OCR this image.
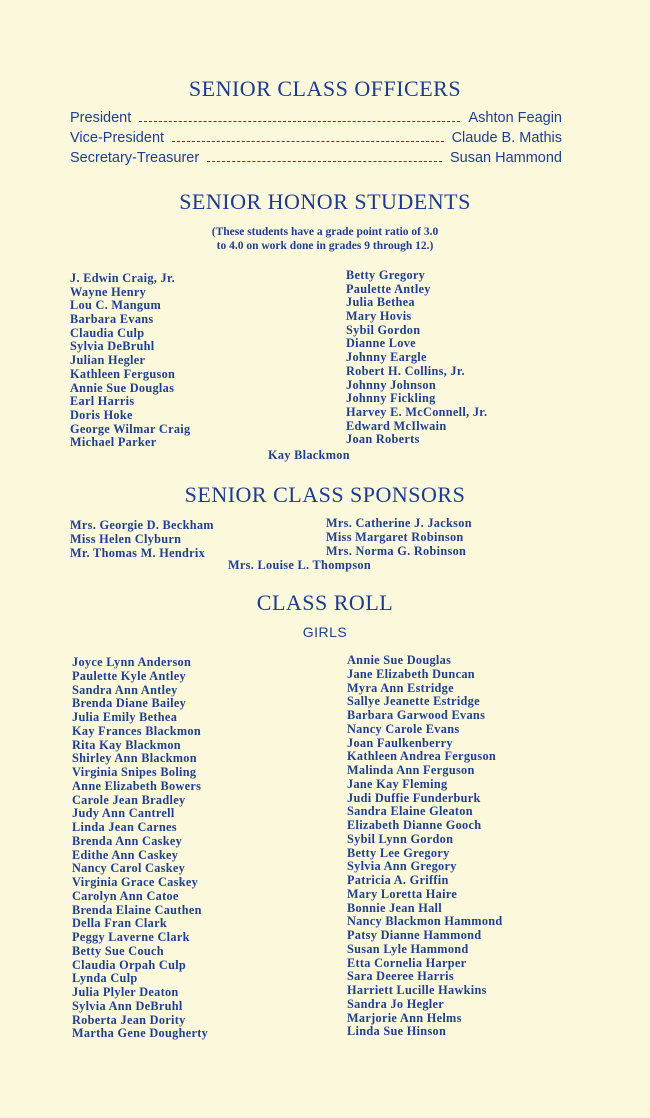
SENIOR CLASS OFFICERS
President	Ashton Feagin
Vice-President	Claude B. Mathis
Secretary-Treasurer	Susan Hammond
SENIOR HONOR STUDENTS
(These students have a grade point ratio of 3.0
to 4.0 on work done in grades 9 through 12.)
J. Edwin Craig, Jr.
Wayne Henry
Lou C. Mangum
Barbara Evans
Claudia Culp
Sylvia DeBruhl
Julian Hegler
Kathleen Ferguson
Annie Sue Douglas
Earl Harris
Doris Hoke
George Wilmar Craig
Michael Parker
Betty Gregory
Paulette Antley
Julia Bethea
Mary Hovis
Sybil Gordon
Dianne Love
Johnny Eargle
Robert H. Collins, Jr.
Johnny Johnson
Johnny Fickling
Harvey E. McConnell, Jr.
Edward McIlwain
Joan Roberts
Kay Blackmon
SENIOR CLASS SPONSORS
Mrs. Georgie D. Beckham
Miss Helen Clyburn
Mr. Thomas M. Hendrix
Mrs. Catherine J. Jackson
Miss Margaret Robinson
Mrs. Norma G. Robinson
Mrs. Louise L. Thompson
CLASS ROLL
GIRLS
Joyce Lynn Anderson
Paulette Kyle Antley
Sandra Ann Antley
Brenda Diane Bailey
Julia Emily Bethea
Kay Frances Blackmon
Rita Kay Blackmon
Shirley Ann Blackmon
Virginia Snipes Boling
Anne Elizabeth Bowers
Carole Jean Bradley
Judy Ann Cantrell
Linda Jean Carnes
Brenda Ann Caskey
Edithe Ann Caskey
Nancy Carol Caskey
Virginia Grace Caskey
Carolyn Ann Catoe
Brenda Elaine Cauthen
Della Fran Clark
Peggy Laverne Clark
Betty Sue Couch
Claudia Orpah Culp
Lynda Culp
Julia Plyler Deaton
Sylvia Ann DeBruhl
Roberta Jean Dority
Martha Gene Dougherty
Annie Sue Douglas
Jane Elizabeth Duncan
Myra Ann Estridge
Sallye Jeanette Estridge
Barbara Garwood Evans
Nancy Carole Evans
Joan Faulkenberry
Kathleen Andrea Ferguson
Malinda Ann Ferguson
Jane Kay Fleming
Judi Duffie Funderburk
Sandra Elaine Gleaton
Elizabeth Dianne Gooch
Sybil Lynn Gordon
Betty Lee Gregory
Sylvia Ann Gregory
Patricia A. Griffin
Mary Loretta Haire
Bonnie Jean Hall
Nancy Blackmon Hammond
Patsy Dianne Hammond
Susan Lyle Hammond
Etta Cornelia Harper
Sara Deeree Harris
Harriett Lucille Hawkins
Sandra Jo Hegler
Marjorie Ann Helms
Linda Sue Hinson
